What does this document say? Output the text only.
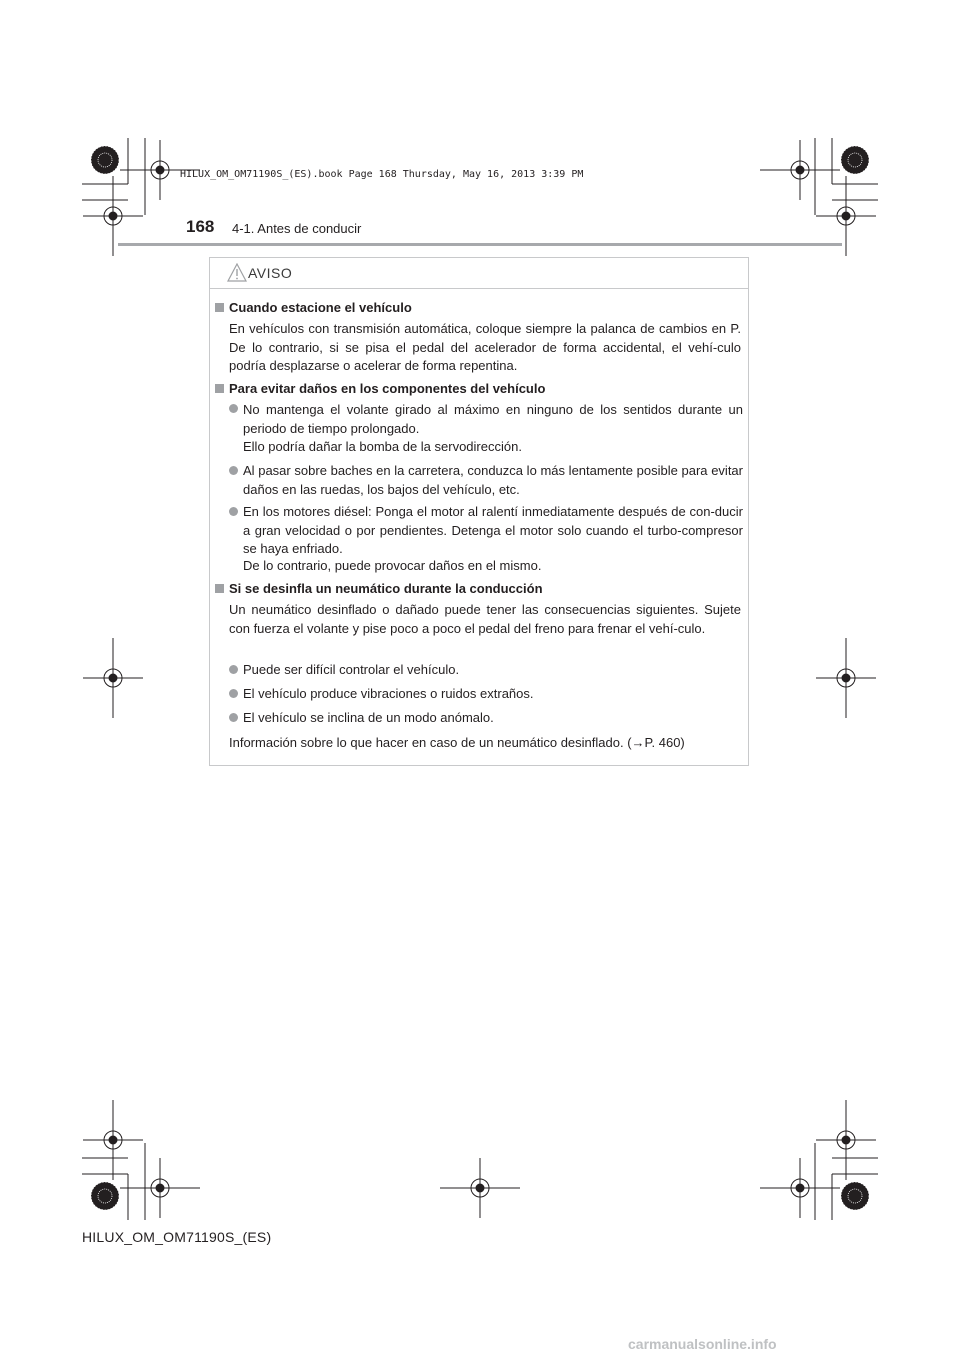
HILUX_OM_OM71190S_(ES).book Page 168 Thursday, May 16, 2013 3:39 PM
168 4-1. Antes de conducir
AVISO
Cuando estacione el vehículo
En vehículos con transmisión automática, coloque siempre la palanca de cambios en P. De lo contrario, si se pisa el pedal del acelerador de forma accidental, el vehí-culo podría desplazarse o acelerar de forma repentina.
Para evitar daños en los componentes del vehículo
No mantenga el volante girado al máximo en ninguno de los sentidos durante un periodo de tiempo prolongado.
Ello podría dañar la bomba de la servodirección.
Al pasar sobre baches en la carretera, conduzca lo más lentamente posible para evitar daños en las ruedas, los bajos del vehículo, etc.
En los motores diésel: Ponga el motor al ralentí inmediatamente después de con-ducir a gran velocidad o por pendientes. Detenga el motor solo cuando el turbo-compresor se haya enfriado.
De lo contrario, puede provocar daños en el mismo.
Si se desinfla un neumático durante la conducción
Un neumático desinflado o dañado puede tener las consecuencias siguientes. Sujete con fuerza el volante y pise poco a poco el pedal del freno para frenar el vehí-culo.
Puede ser difícil controlar el vehículo.
El vehículo produce vibraciones o ruidos extraños.
El vehículo se inclina de un modo anómalo.
Información sobre lo que hacer en caso de un neumático desinflado. (→P. 460)
HILUX_OM_OM71190S_(ES)
carmanualsonline.info
